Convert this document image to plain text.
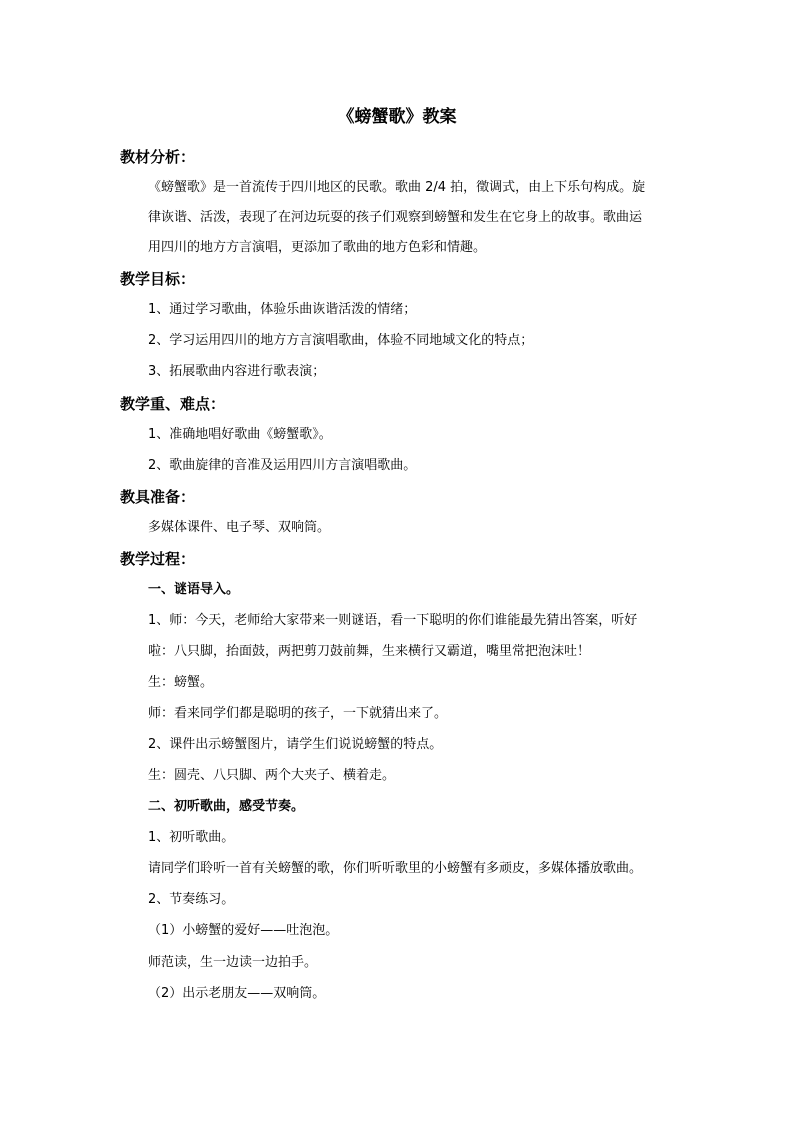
《螃蟹歌》教案
教材分析：
《螃蟹歌》是一首流传于四川地区的民歌。歌曲 2/4 拍，徵调式，由上下乐句构成。旋
律诙谐、活泼，表现了在河边玩耍的孩子们观察到螃蟹和发生在它身上的故事。歌曲运
用四川的地方方言演唱，更添加了歌曲的地方色彩和情趣。
教学目标：
1、通过学习歌曲，体验乐曲诙谐活泼的情绪；
2、学习运用四川的地方方言演唱歌曲，体验不同地域文化的特点；
3、拓展歌曲内容进行歌表演；
教学重、难点：
1、准确地唱好歌曲《螃蟹歌》。
2、歌曲旋律的音准及运用四川方言演唱歌曲。
教具准备：
多媒体课件、电子琴、双响筒。
教学过程：
一、谜语导入。
1、师：今天，老师给大家带来一则谜语，看一下聪明的你们谁能最先猜出答案，听好
啦：八只脚，抬面鼓，两把剪刀鼓前舞，生来横行又霸道，嘴里常把泡沫吐！
生：螃蟹。
师：看来同学们都是聪明的孩子，一下就猜出来了。
2、课件出示螃蟹图片，请学生们说说螃蟹的特点。
生：圆壳、八只脚、两个大夹子、横着走。
二、初听歌曲，感受节奏。
1、初听歌曲。
请同学们聆听一首有关螃蟹的歌，你们听听歌里的小螃蟹有多顽皮，多媒体播放歌曲。
2、节奏练习。
（1）小螃蟹的爱好——吐泡泡。
师范读，生一边读一边拍手。
（2）出示老朋友——双响筒。
